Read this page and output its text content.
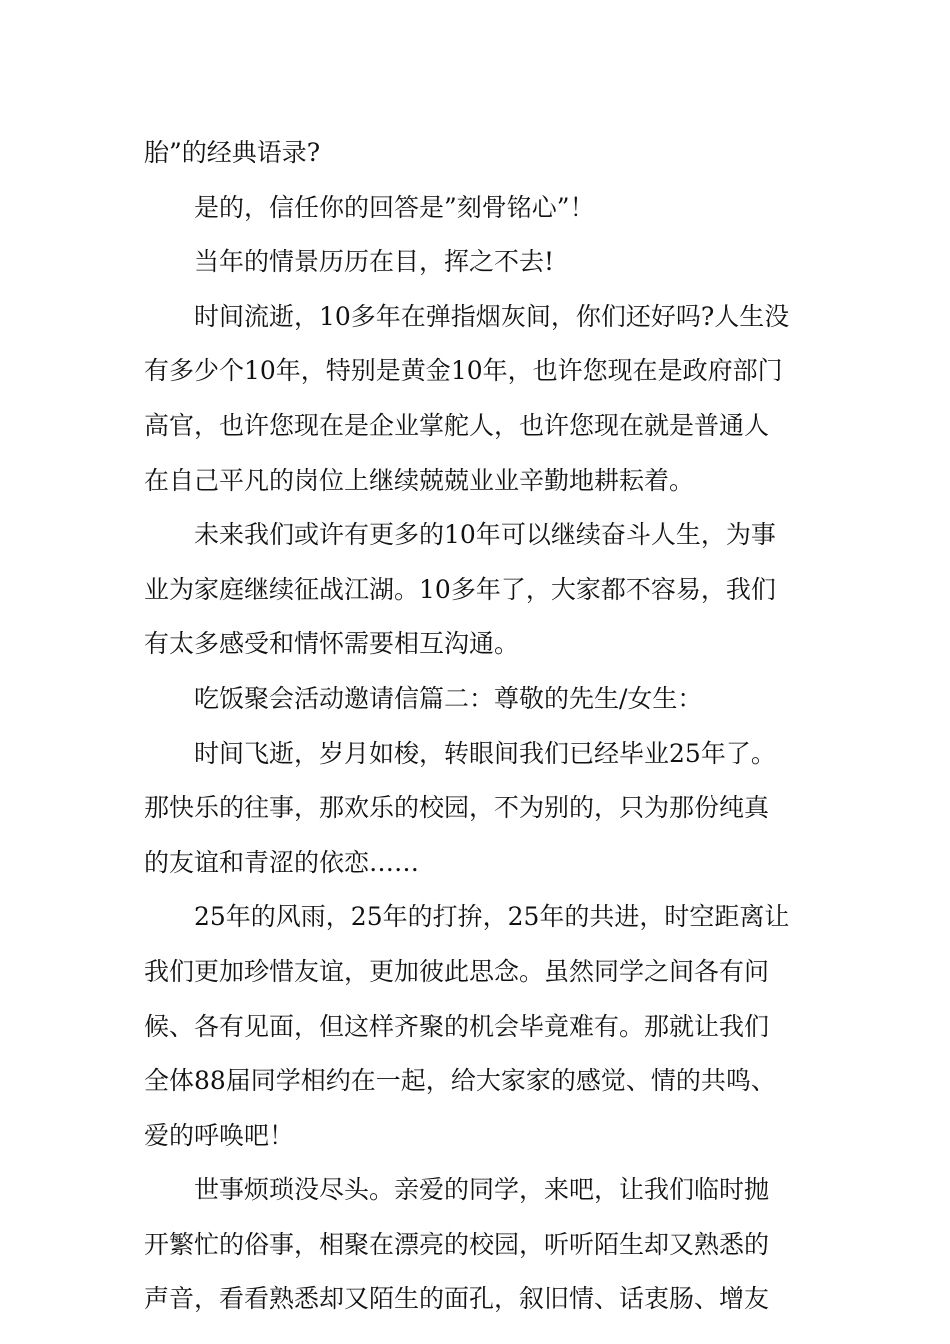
胎”的经典语录?
是的，信任你的回答是”刻骨铭心”！
当年的情景历历在目，挥之不去!
时间流逝，10多年在弹指烟灰间，你们还好吗?人生没
有多少个10年，特别是黄金10年，也许您现在是政府部门
高官，也许您现在是企业掌舵人，也许您现在就是普通人
在自己平凡的岗位上继续兢兢业业辛勤地耕耘着。
未来我们或许有更多的10年可以继续奋斗人生，为事
业为家庭继续征战江湖。10多年了，大家都不容易，我们
有太多感受和情怀需要相互沟通。
吃饭聚会活动邀请信篇二：尊敬的先生/女生：
时间飞逝，岁月如梭，转眼间我们已经毕业25年了。
那快乐的往事，那欢乐的校园，不为别的，只为那份纯真
的友谊和青涩的依恋……
25年的风雨，25年的打拚，25年的共进，时空距离让
我们更加珍惜友谊，更加彼此思念。虽然同学之间各有问
候、各有见面，但这样齐聚的机会毕竟难有。那就让我们
全体88届同学相约在一起，给大家家的感觉、情的共鸣、
爱的呼唤吧！
世事烦琐没尽头。亲爱的同学，来吧，让我们临时抛
开繁忙的俗事，相聚在漂亮的校园，听听陌生却又熟悉的
声音，看看熟悉却又陌生的面孔，叙旧情、话衷肠、增友
